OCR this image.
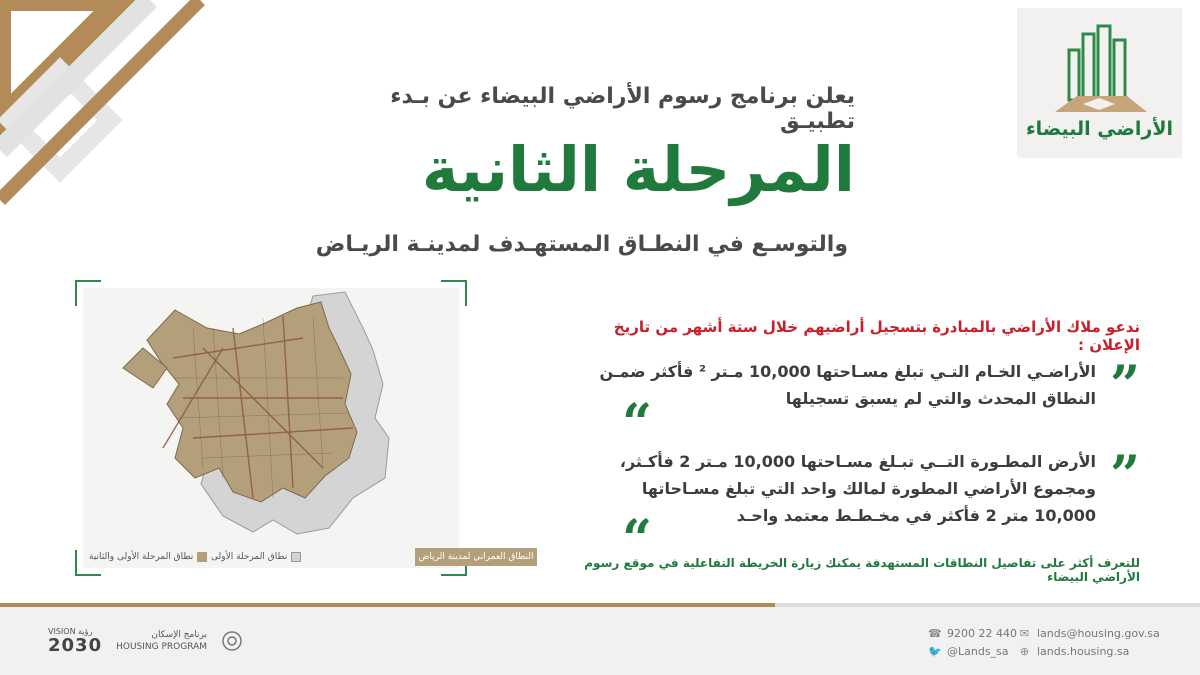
الأراضي البيضاء
يعلن برنامج رسوم الأراضي البيضاء عن بـدء تطبيـق
المرحلة الثانية
والتوسـع في النطـاق المستهـدف لمدينـة الريـاض
النطاق العمراني لمدينة الرياض
نطاق المرحلة الأولى
نطاق المرحلة الأولى والثانية
ندعو ملاك الأراضي بالمبادرة بتسجيل أراضيهم خلال ستة أشهر من تاريخ الإعلان :
”
الأراضـي الخـام التـي تبلغ مسـاحتها 10,000 مـتر ² فأكثر ضمـن النطاق المحدث والتي لم يسبق تسجيلها
“
”
الأرض المطـورة التــي تبـلغ مسـاحتها 10,000 مـتر 2 فأكـثر، ومجموع الأراضي المطورة لمالك واحد التي تبلغ مسـاحاتها 10,000 متر 2 فأكثر في مخـطـط معتمد واحـد
“
للتعرف أكثر على تفاصيل النطاقات المستهدفة يمكنك زيارة الخريطة التفاعلية في موقع رسوم الأراضي البيضاء
VISION رؤية
2030	برنامج الإسكان
HOUSING PROGRAM
☎ 9200 22 440
🐦 @Lands_sa
✉ lands@housing.gov.sa
⊕ lands.housing.sa
